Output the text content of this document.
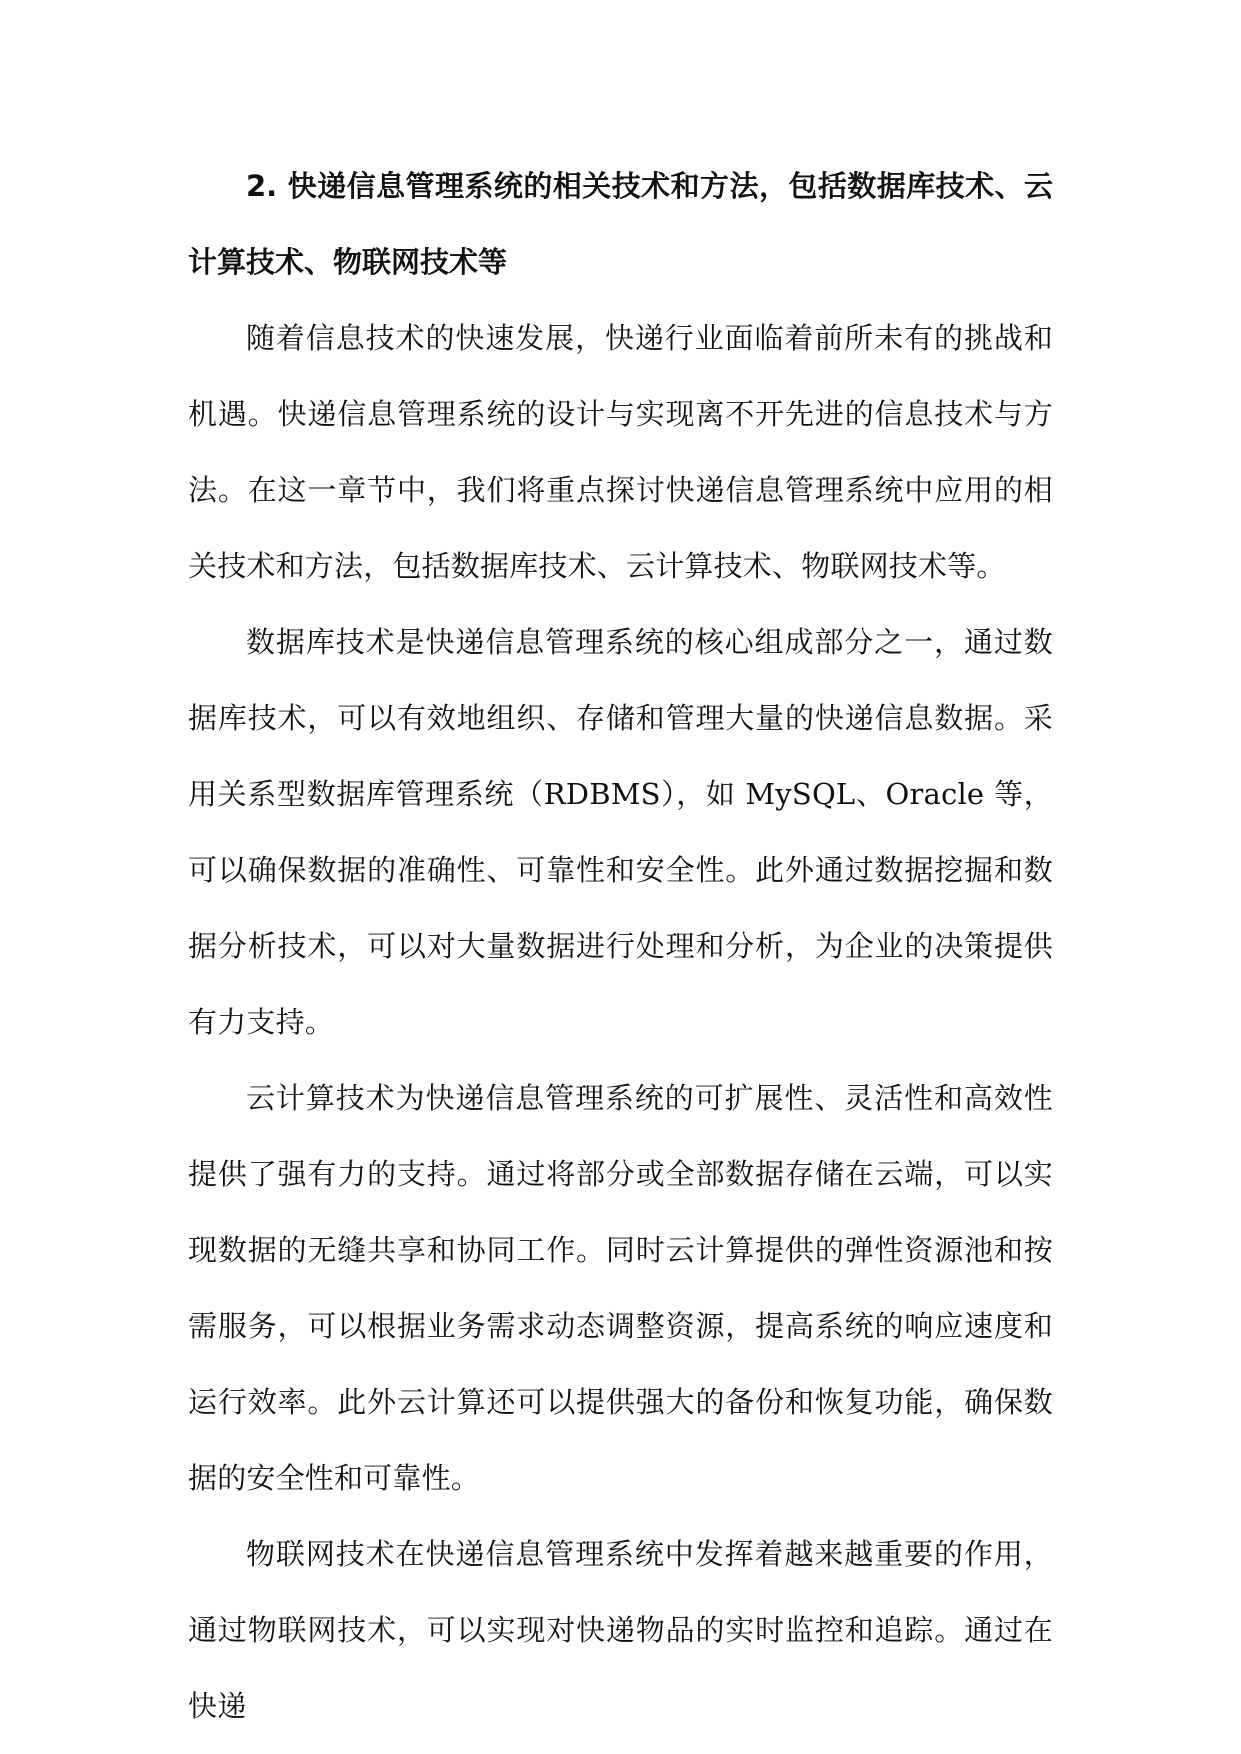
2. 快递信息管理系统的相关技术和方法，包括数据库技术、云计算技术、物联网技术等

随着信息技术的快速发展，快递行业面临着前所未有的挑战和机遇。快递信息管理系统的设计与实现离不开先进的信息技术与方法。在这一章节中，我们将重点探讨快递信息管理系统中应用的相关技术和方法，包括数据库技术、云计算技术、物联网技术等。

数据库技术是快递信息管理系统的核心组成部分之一，通过数据库技术，可以有效地组织、存储和管理大量的快递信息数据。采用关系型数据库管理系统（RDBMS），如 MySQL、Oracle 等，可以确保数据的准确性、可靠性和安全性。此外通过数据挖掘和数据分析技术，可以对大量数据进行处理和分析，为企业的决策提供有力支持。

云计算技术为快递信息管理系统的可扩展性、灵活性和高效性提供了强有力的支持。通过将部分或全部数据存储在云端，可以实现数据的无缝共享和协同工作。同时云计算提供的弹性资源池和按需服务，可以根据业务需求动态调整资源，提高系统的响应速度和运行效率。此外云计算还可以提供强大的备份和恢复功能，确保数据的安全性和可靠性。

物联网技术在快递信息管理系统中发挥着越来越重要的作用，通过物联网技术，可以实现对快递物品的实时监控和追踪。通过在快递
